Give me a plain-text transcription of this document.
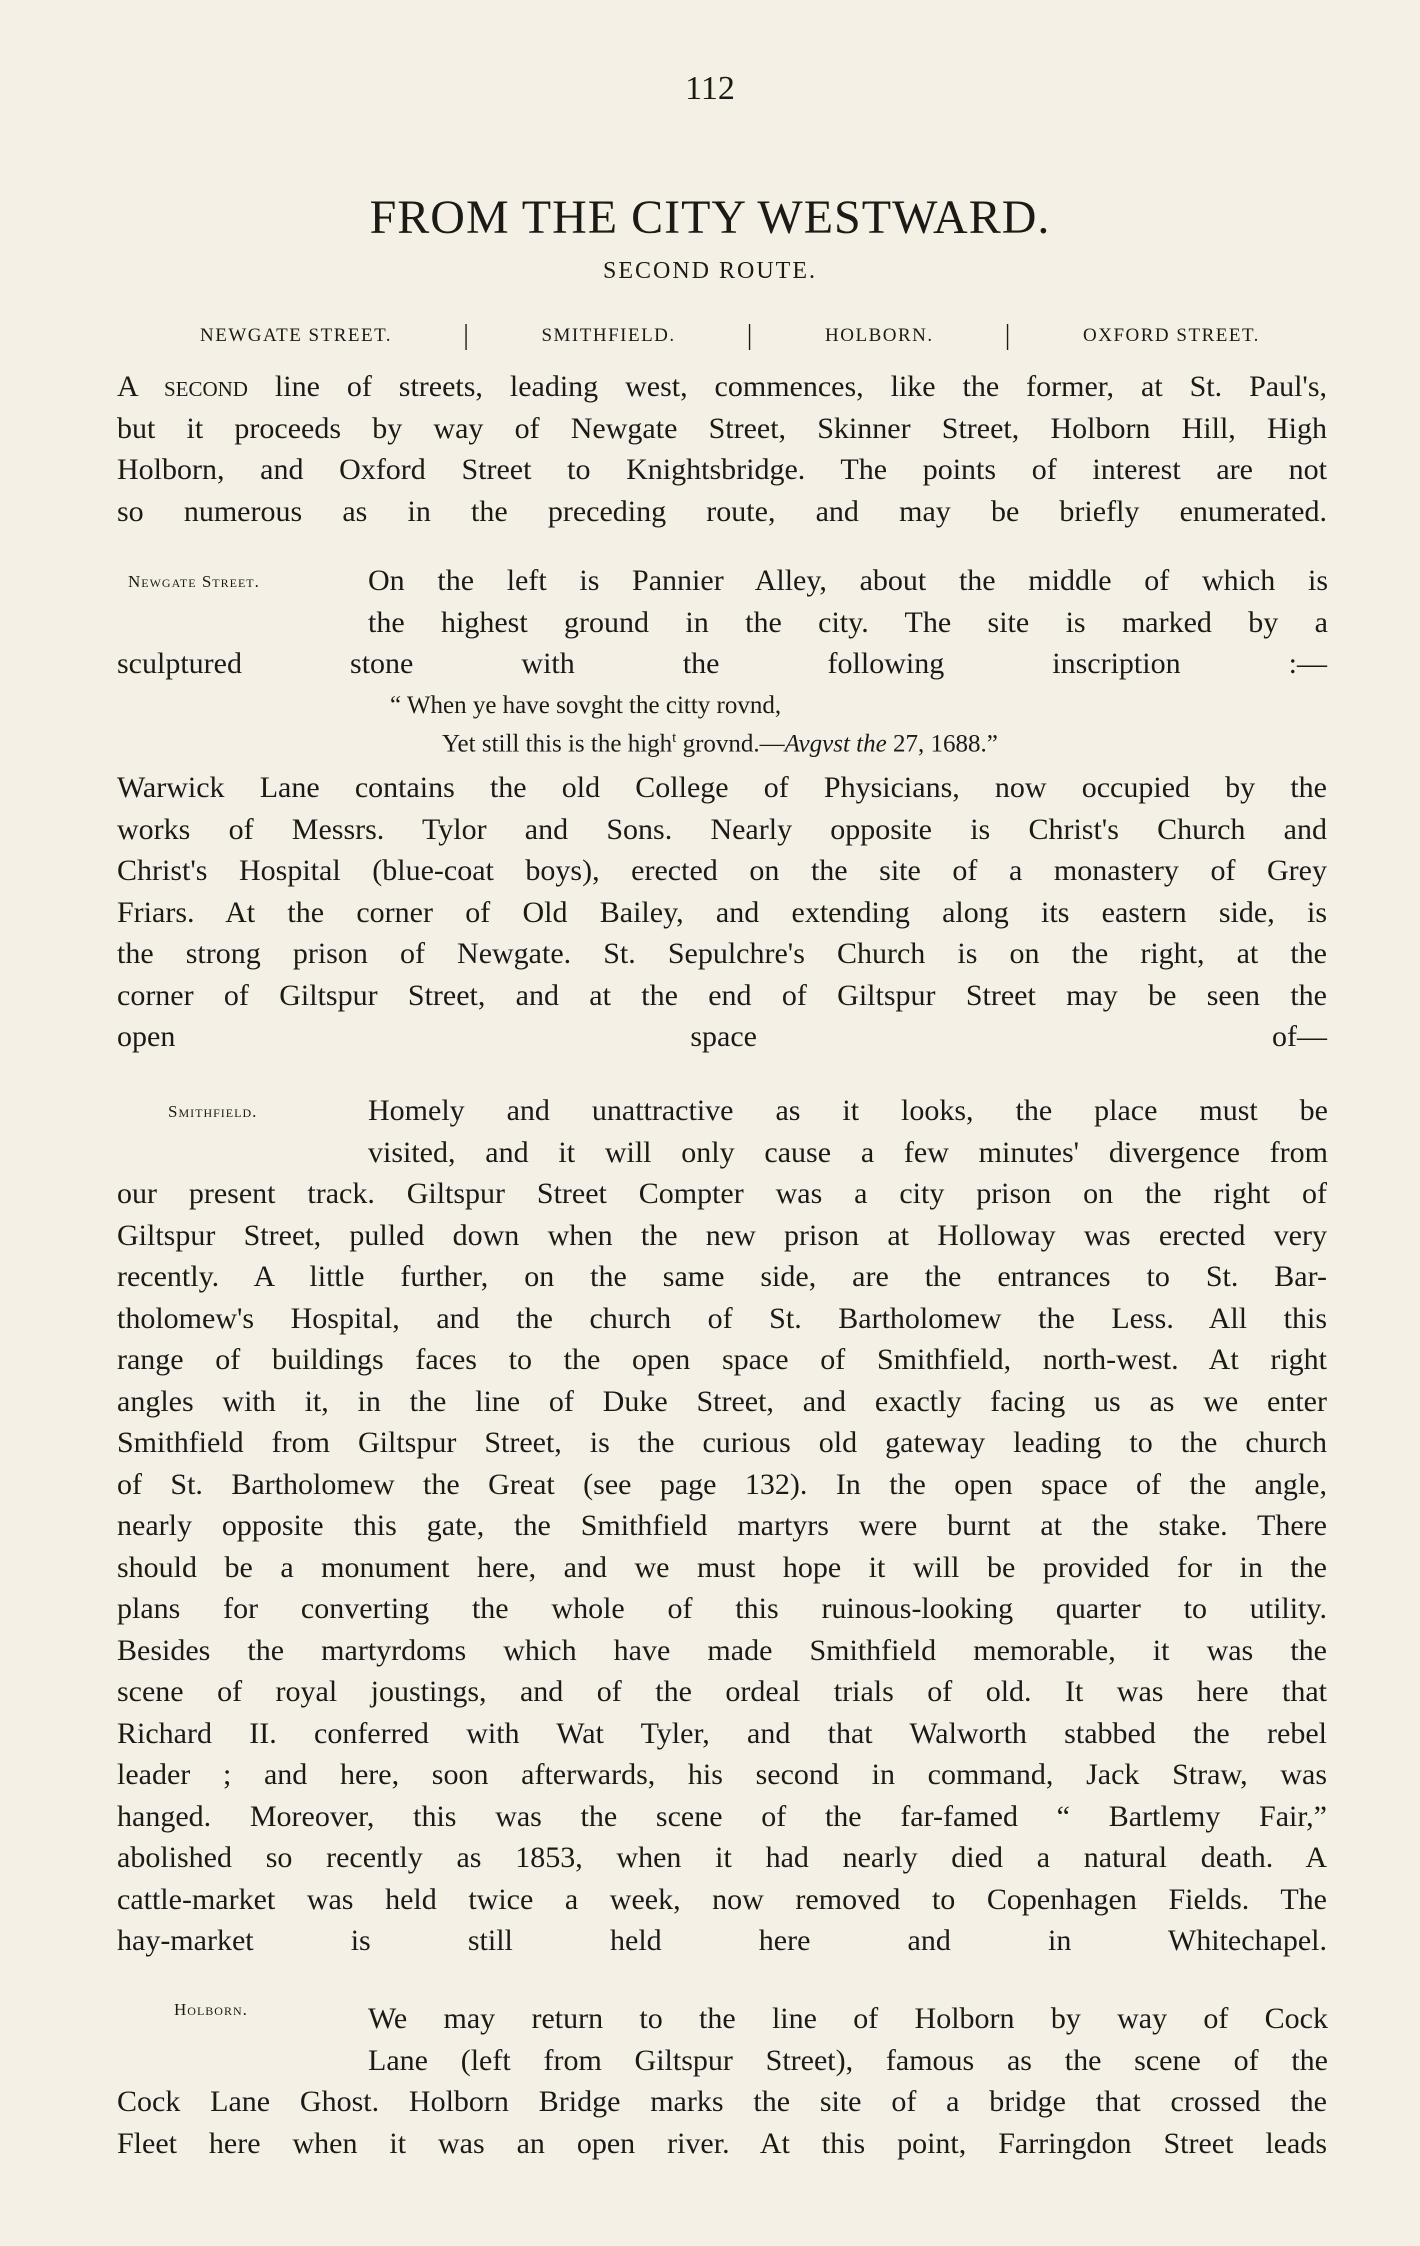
112
FROM THE CITY WESTWARD.
SECOND ROUTE.
NEWGATE STREET.	|	SMITHFIELD.	|	HOLBORN.	|	OXFORD STREET.
A second line of streets, leading west, commences, like the former, at St. Paul's,
but it proceeds by way of Newgate Street, Skinner Street, Holborn Hill, High
Holborn, and Oxford Street to Knightsbridge. The points of interest are not
so numerous as in the preceding route, and may be briefly enumerated.
Newgate Street.	On the left is Pannier Alley, about the middle of which is
the highest ground in the city. The site is marked by a
sculptured stone with the following inscription :—
“ When ye have sovght the citty rovnd,
Yet still this is the high$^t$ grovnd.—Avgvst the 27, 1688.”
Warwick Lane contains the old College of Physicians, now occupied by the
works of Messrs. Tylor and Sons. Nearly opposite is Christ's Church and
Christ's Hospital (blue-coat boys), erected on the site of a monastery of Grey
Friars. At the corner of Old Bailey, and extending along its eastern side, is
the strong prison of Newgate. St. Sepulchre's Church is on the right, at the
corner of Giltspur Street, and at the end of Giltspur Street may be seen the
open space of—
Smithfield.	Homely and unattractive as it looks, the place must be
visited, and it will only cause a few minutes' divergence from
our present track. Giltspur Street Compter was a city prison on the right of
Giltspur Street, pulled down when the new prison at Holloway was erected very
recently. A little further, on the same side, are the entrances to St. Bar-
tholomew's Hospital, and the church of St. Bartholomew the Less. All this
range of buildings faces to the open space of Smithfield, north-west. At right
angles with it, in the line of Duke Street, and exactly facing us as we enter
Smithfield from Giltspur Street, is the curious old gateway leading to the church
of St. Bartholomew the Great (see page 132). In the open space of the angle,
nearly opposite this gate, the Smithfield martyrs were burnt at the stake. There
should be a monument here, and we must hope it will be provided for in the
plans for converting the whole of this ruinous-looking quarter to utility.
Besides the martyrdoms which have made Smithfield memorable, it was the
scene of royal joustings, and of the ordeal trials of old. It was here that
Richard II. conferred with Wat Tyler, and that Walworth stabbed the rebel
leader ; and here, soon afterwards, his second in command, Jack Straw, was
hanged. Moreover, this was the scene of the far-famed “ Bartlemy Fair,”
abolished so recently as 1853, when it had nearly died a natural death. A
cattle-market was held twice a week, now removed to Copenhagen Fields. The
hay-market is still held here and in Whitechapel.
Holborn.	We may return to the line of Holborn by way of Cock
Lane (left from Giltspur Street), famous as the scene of the
Cock Lane Ghost. Holborn Bridge marks the site of a bridge that crossed the
Fleet here when it was an open river. At this point, Farringdon Street leads
